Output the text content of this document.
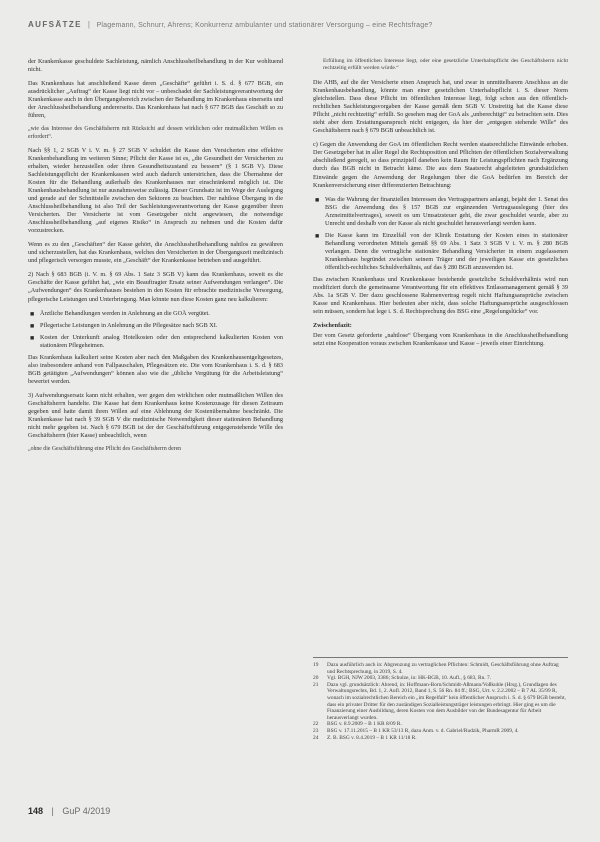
AUFSÄTZE | Plagemann, Schnurr, Ahrens; Konkurrenz ambulanter und stationärer Versorgung – eine Rechtsfrage?

der Krankenkasse geschuldete Sachleistung, nämlich Anschlussheilbehandlung in der Kur wohltuend nicht.

Das Krankenhaus hat anschließend Kasse deren „Geschäfte“ geführt i. S. d. § 677 BGB, ein ausdrücklicher „Auftrag“ der Kasse liegt nicht vor – unbeschadet der Sachleistungsverantwortung der Krankenkasse auch in den Übergangsbereich zwischen der Behandlung im Krankenhaus einerseits und der Anschlussheilbehandlung andererseits. Das Krankenhaus hat nach § 677 BGB das Geschäft so zu führen,

„wie das Interesse des Geschäftsherrn mit Rücksicht auf dessen wirklichen oder mutmaßlichen Willen es erfordert“.

Nach §§ 1, 2 SGB V i. V. m. § 27 SGB V schuldet die Kasse den Versicherten eine effektive Krankenbehandlung im weiteren Sinne; Pflicht der Kasse ist es, „die Gesundheit der Versicherten zu erhalten, wieder herzustellen oder ihren Gesundheitszustand zu bessern“ (§ 1 SGB V). Diese Sachleistungspflicht der Krankenkassen wird auch dadurch unterstrichen, dass die Übernahme der Kosten für die Behandlung außerhalb des Krankenhauses nur einschränkend möglich ist. Die Krankenhausbehandlung ist nur ausnahmsweise zulässig. Dieser Grundsatz ist im Wege der Auslegung und gerade auf der Schnittstelle zwischen den Sektoren zu beachten. Der nahtlose Übergang in die Anschlussheilbehandlung ist also Teil der Sachleistungsverantwortung der Kasse gegenüber ihren Versicherten. Der Versicherte ist vom Gesetzgeber nicht angewiesen, die notwendige Anschlussheilbehandlung „auf eigenes Risiko“ in Anspruch zu nehmen und die Kosten dafür vorzustrecken.

Wenn es zu den „Geschäften“ der Kasse gehört, die Anschlussheilbehandlung nahtlos zu gewähren und sicherzustellen, hat das Krankenhaus, welches den Versicherten in der Übergangszeit medizinisch und pflegerisch versorgen musste, ein „Geschäft“ der Krankenkasse betrieben und ausgeführt.

2) Nach § 683 BGB (i. V. m. § 69 Abs. 1 Satz 3 SGB V) kann das Krankenhaus, soweit es die Geschäfte der Kasse geführt hat, „wie ein Beauftragter Ersatz seiner Aufwendungen verlangen“. Die „Aufwendungen“ des Krankenhauses bestehen in den Kosten für erbrachte medizinische Versorgung, pflegerische Leistungen und Unterbringung. Man könnte nun diese Kosten ganz neu kalkulieren:

■ Ärztliche Behandlungen werden in Anlehnung an die GOÄ vergütet.
■ Pflegerische Leistungen in Anlehnung an die Pflegesätze nach SGB XI.
■ Kosten der Unterkunft analog Hotelkosten oder den entsprechend kalkulierten Kosten von stationären Pflegeheimen.

Das Krankenhaus kalkuliert seine Kosten aber nach den Maßgaben des Krankenhausentgeltgesetzes, also insbesondere anhand von Fallpauschalen, Pflegesätzen etc. Die vom Krankenhaus i. S. d. § 683 BGB getätigten „Aufwendungen“ können also wie die „übliche Vergütung für die Arbeitsleistung“ bewertet werden.

3) Aufwendungsersatz kann nicht erhalten, wer gegen den wirklichen oder mutmaßlichen Willen des Geschäftsherrn handelte. Die Kasse hat dem Krankenhaus keine Kostenzusage für diesen Zeitraum gegeben und hatte damit ihren Willen auf eine Ablehnung der Kostenübernahme beschränkt. Die Krankenkasse hat nach § 39 SGB V die medizinische Notwendigkeit dieser stationären Behandlung nicht mehr gegeben ist. Nach § 679 BGB ist der der Geschäftsführung entgegenstehende Wille des Geschäftsherrn (hier Kasse) unbeachtlich, wenn

„ohne die Geschäftsführung eine Pflicht des Geschäftsherrn deren

Erfüllung im öffentlichen Interesse liegt, oder eine gesetzliche Unterhaltspflicht des Geschäftsherrn nicht rechtzeitig erfüllt werden würde.“

Die AHB, auf die der Versicherte einen Anspruch hat, und zwar in unmittelbarem Anschluss an die Krankenhausbehandlung, könnte man einer gesetzlichen Unterhaltspflicht i. S. dieser Norm gleichstellen. Dass diese Pflicht im öffentlichen Interesse liegt, folgt schon aus den öffentlich-rechtlichen Sachleistungsvorgaben der Kasse gemäß dem SGB V. Unstreitig hat die Kasse diese Pflicht „nicht rechtzeitig“ erfüllt. So gesehen mag der GoA als „unberechtigt“ zu betrachten sein. Dies steht aber dem Erstattungsanspruch nicht entgegen, da hier der „entgegen stehende Wille“ des Geschäftsherrn nach § 679 BGB unbeachtlich ist.

c) Gegen die Anwendung der GoA im öffentlichen Recht werden staatsrechtliche Einwände erhoben. Der Gesetzgeber hat in aller Regel die Rechtsposition und Pflichten der öffentlichen Sozialverwaltung abschließend geregelt, so dass prinzipiell daneben kein Raum für Leistungspflichten nach Ergänzung durch das BGB nicht in Betracht käme. Die aus dem Staatsrecht abgeleiteten grundsätzlichen Einwände gegen die Anwendung der Regelungen über die GoA bedürfen im Bereich der Krankenversicherung einer differenzierten Betrachtung:

■ Was die Wahrung der finanziellen Interessen des Vertragspartners anlangt, bejaht der 1. Senat des BSG die Anwendung des § 157 BGB zur ergänzenden Vertragsauslegung (hier des Arzneimittelvertrages), soweit es um Umsatzsteuer geht, die zwar geschuldet wurde, aber zu Unrecht und deshalb von der Kasse als nicht geschuldet herausverlangt werden kann.
■ Die Kasse kann im Einzelfall von der Klinik Erstattung der Kosten eines in stationärer Behandlung verordneten Mittels gemäß §§ 69 Abs. 1 Satz 3 SGB V i. V. m. § 280 BGB verlangen. Denn die vertragliche stationäre Behandlung Versicherter in einem zugelassenen Krankenhaus begründet zwischen seinem Träger und der jeweiligen Kasse ein gesetzliches öffentlich-rechtliches Schuldverhältnis, auf das § 280 BGB anzuwenden ist.

Das zwischen Krankenhaus und Krankenkasse bestehende gesetzliche Schuldverhältnis wird nun modifiziert durch die gemeinsame Verantwortung für ein effektives Entlassmanagement gemäß § 39 Abs. 1a SGB V. Der dazu geschlossene Rahmenvertrag regelt nicht Haftungsansprüche zwischen Kasse und Krankenhaus. Hier bedeuten aber nicht, dass solche Haftungsansprüche ausgeschlossen sein müssen, sondern hat lege i. S. d. Rechtsprechung des BSG eine „Regelungslücke“ vor.

Zwischenfazit:

Der vom Gesetz geforderte „nahtlose“ Übergang vom Krankenhaus in die Anschlussheilbehandlung setzt eine Kooperation voraus zwischen Krankenkasse und Kasse – jeweils einer Einrichtung.

19	Dazu ausführlich auch in: Abgrenzung zu vertraglichen Pflichten: Schmidt, Geschäftsführung ohne Auftrag und Rechtsprechung, in 2019, S. 4.
20	Vgl. BGH, NJW 2003, 3386; Schulze, in: HK-BGB, 10. Aufl., § 683, Rn. 7.
21	Dazu vgl. grundsätzlich: Ahrend, in: Hoffmann-Born/Schmidt-Aßmann/Voßkuhle (Hrsg.), Grundlagen des Verwaltungsrechts, Bd. 1, 2. Aufl. 2012, Band 1, S. 56 Rn. 84 ff.; BSG, Urt. v. 2.2.2002 – B 7 AL 35/99 R, wonach im sozialrechtlichen Bereich ein „im Regelfall“ kein öffentlicher Anspruch i. S. d. § 679 BGB besteht, dass ein privater Dritter für den zuständigen Sozialleistungsträger leistungen erbringt. Hier ging es um die Finanzierung einer Ausbildung, deren Kosten von dem Ausbilder von der Bundesagentur für Arbeit herausverlangt wurden.
22	BSG v. 8.9.2009 – B 1 KR 8/09 R.
23	BSG v. 17.11.2015 – B 1 KR 53/13 R, dazu Anm. v. d. Gabriel/Rudzik, PharmR 2009, 4.
24	Z. B. BSG v. 8.4.2019 – B 1 KR 11/18 R.
148 | GuP 4/2019
